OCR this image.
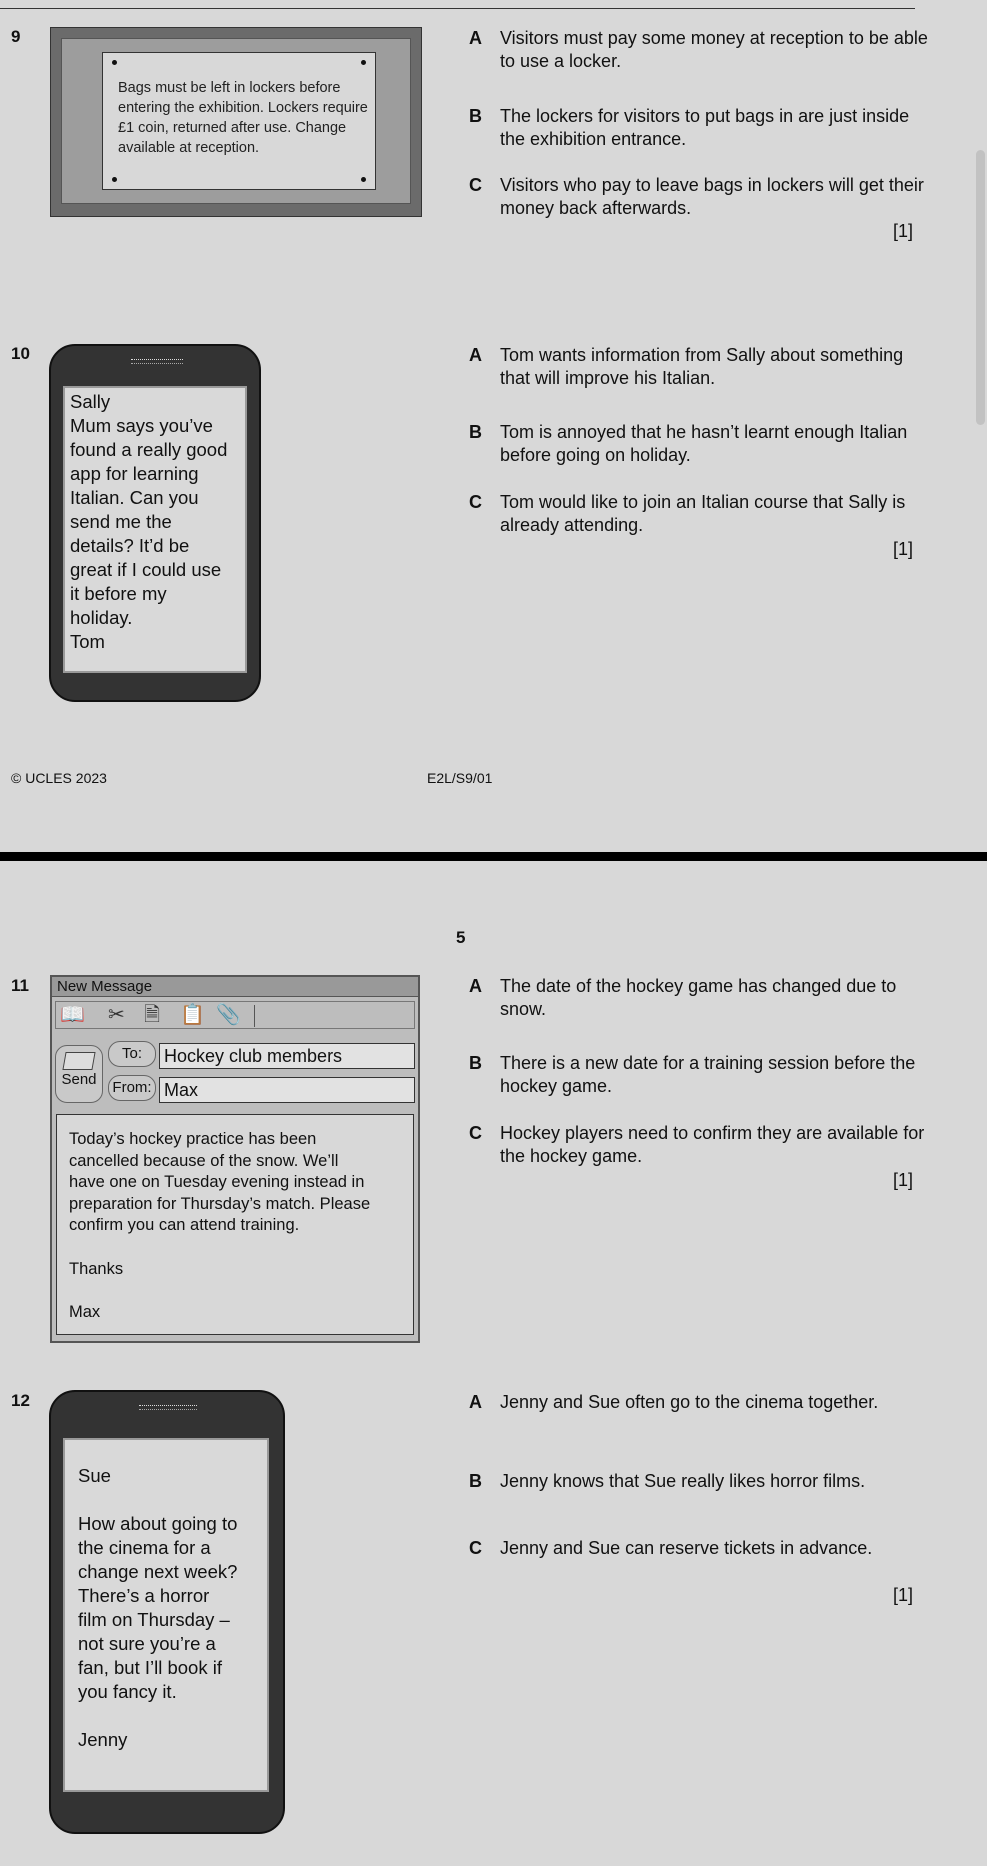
9
Bags must be left in lockers before entering the exhibition. Lockers require £1 coin, returned after use. Change available at reception.
A Visitors must pay some money at reception to be able to use a locker.
B The lockers for visitors to put bags in are just inside the exhibition entrance.
C Visitors who pay to leave bags in lockers will get their money back afterwards.
[1]
10
Sally
Mum says you’ve
found a really good
app for learning
Italian. Can you
send me the
details? It’d be
great if I could use
it before my
holiday.
Tom
A Tom wants information from Sally about something that will improve his Italian.
B Tom is annoyed that he hasn’t learnt enough Italian before going on holiday.
C Tom would like to join an Italian course that Sally is already attending.
[1]
© UCLES 2023	E2L/S9/01
5
11	New Message
📖 ✂ 🗎 📋 📎
Send
To:
From:
Hockey club members
Max
Today’s hockey practice has been
cancelled because of the snow. We’ll
have one on Tuesday evening instead in
preparation for Thursday’s match. Please
confirm you can attend training.
Thanks
Max
A The date of the hockey game has changed due to snow.
B There is a new date for a training session before the hockey game.
C Hockey players need to confirm they are available for the hockey game.
[1]
12
Sue
How about going to
the cinema for a
change next week?
There’s a horror
film on Thursday –
not sure you’re a
fan, but I’ll book if
you fancy it.
Jenny
A Jenny and Sue often go to the cinema together.
B Jenny knows that Sue really likes horror films.
C Jenny and Sue can reserve tickets in advance.
[1]
